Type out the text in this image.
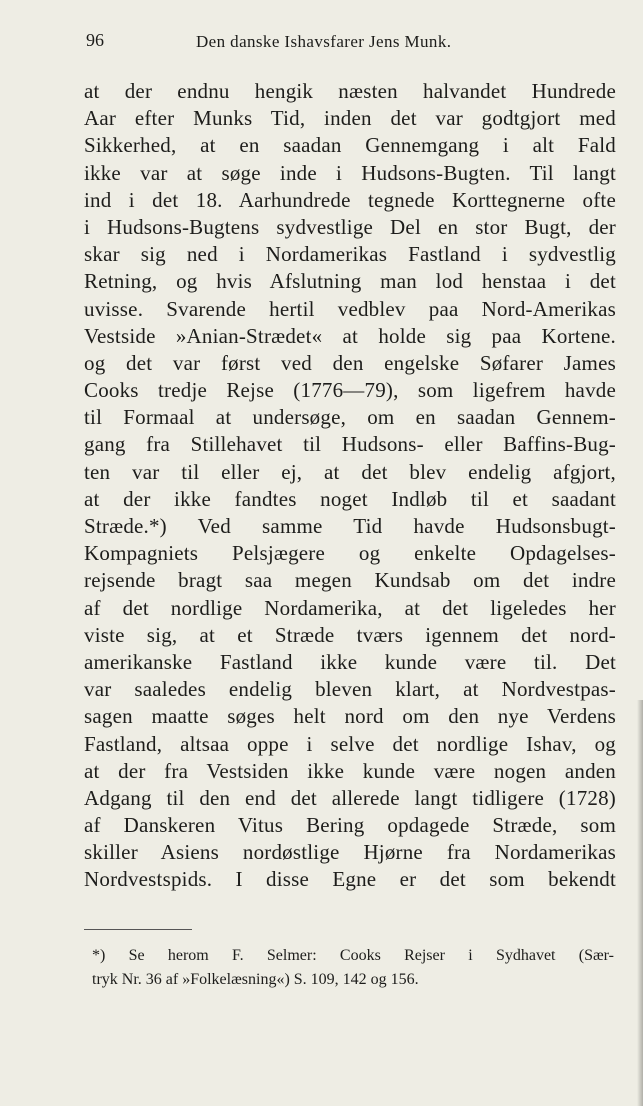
96	Den danske Ishavsfarer Jens Munk.
at der endnu hengik næsten halvandet Hundrede
Aar efter Munks Tid, inden det var godtgjort med
Sikkerhed, at en saadan Gennemgang i alt Fald
ikke var at søge inde i Hudsons-Bugten. Til langt
ind i det 18. Aarhundrede tegnede Korttegnerne ofte
i Hudsons-Bugtens sydvestlige Del en stor Bugt, der
skar sig ned i Nordamerikas Fastland i sydvestlig
Retning, og hvis Afslutning man lod henstaa i det
uvisse. Svarende hertil vedblev paa Nord-Amerikas
Vestside »Anian-Strædet« at holde sig paa Kortene.
og det var først ved den engelske Søfarer James
Cooks tredje Rejse (1776—79), som ligefrem havde
til Formaal at undersøge, om en saadan Gennem-
gang fra Stillehavet til Hudsons- eller Baffins-Bug-
ten var til eller ej, at det blev endelig afgjort,
at der ikke fandtes noget Indløb til et saadant
Stræde.*) Ved samme Tid havde Hudsonsbugt-
Kompagniets Pelsjægere og enkelte Opdagelses-
rejsende bragt saa megen Kundsab om det indre
af det nordlige Nordamerika, at det ligeledes her
viste sig, at et Stræde tværs igennem det nord-
amerikanske Fastland ikke kunde være til. Det
var saaledes endelig bleven klart, at Nordvestpas-
sagen maatte søges helt nord om den nye Verdens
Fastland, altsaa oppe i selve det nordlige Ishav, og
at der fra Vestsiden ikke kunde være nogen anden
Adgang til den end det allerede langt tidligere (1728)
af Danskeren Vitus Bering opdagede Stræde, som
skiller Asiens nordøstlige Hjørne fra Nordamerikas
Nordvestspids. I disse Egne er det som bekendt
*) Se herom F. Selmer: Cooks Rejser i Sydhavet (Sær-
tryk Nr. 36 af »Folkelæsning«) S. 109, 142 og 156.
